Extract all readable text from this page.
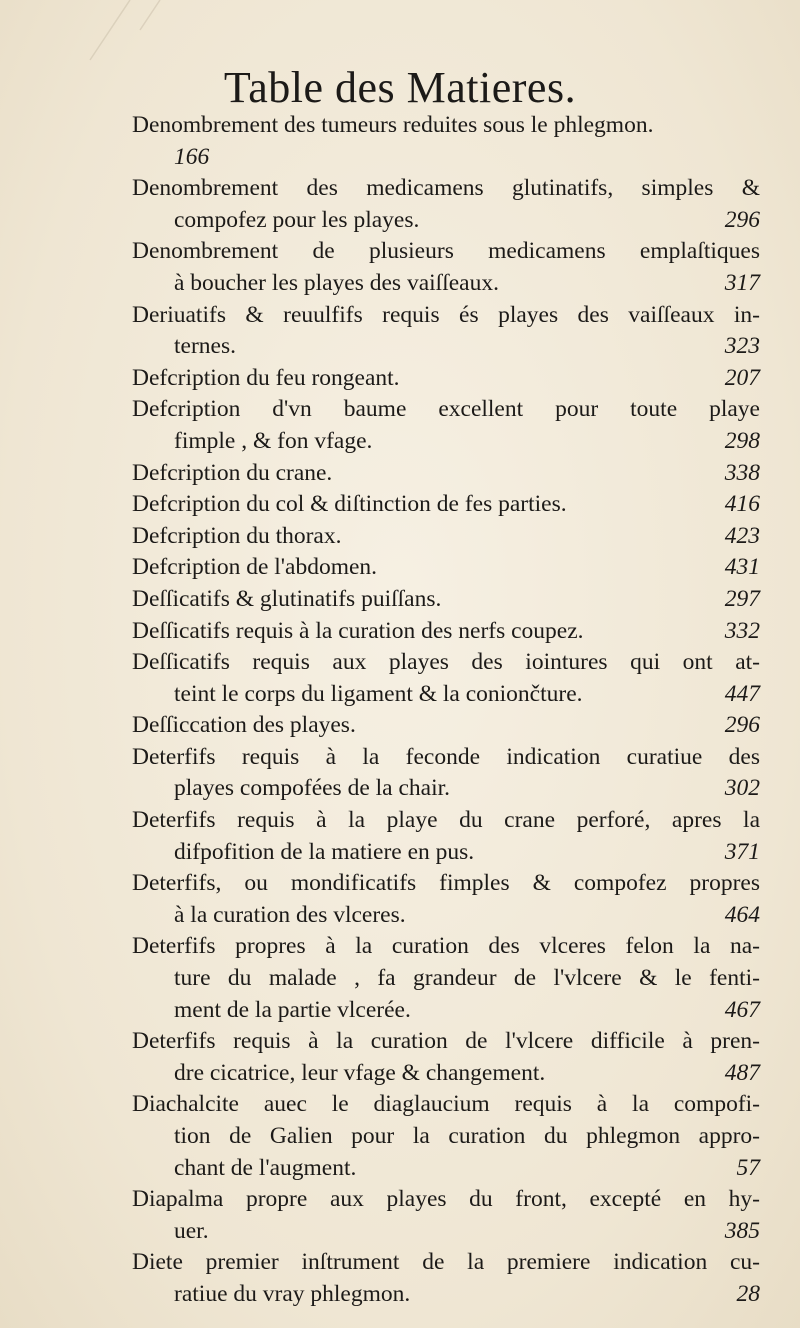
Table des Matieres.
Denombrement des tumeurs reduites sous le phlegmon.
166
Denombrement des medicamens glutinatifs, simples &
compofez pour les playes.	296
Denombrement de plusieurs medicamens emplaſtiques
à boucher les playes des vaiſſeaux.	317
Deriuatifs & reuulfifs requis és playes des vaiſſeaux in-
ternes.	323
Defcription du feu rongeant.	207
Defcription d'vn baume excellent pour toute playe
fimple , & fon vfage.	298
Defcription du crane.	338
Defcription du col & diſtinction de fes parties.	416
Defcription du thorax.	423
Defcription de l'abdomen.	431
Deſſicatifs & glutinatifs puiſſans.	297
Deſſicatifs requis à la curation des nerfs coupez.	332
Deſſicatifs requis aux playes des iointures qui ont at-
teint le corps du ligament & la coniončture.	447
Deſſiccation des playes.	296
Deterfifs requis à la feconde indication curatiue des
playes compofées de la chair.	302
Deterfifs requis à la playe du crane perforé, apres la
difpofition de la matiere en pus.	371
Deterfifs, ou mondificatifs fimples & compofez propres
à la curation des vlceres.	464
Deterfifs propres à la curation des vlceres felon la na-
ture du malade , fa grandeur de l'vlcere & le fenti-
ment de la partie vlcerée.	467
Deterfifs requis à la curation de l'vlcere difficile à pren-
dre cicatrice, leur vfage & changement.	487
Diachalcite auec le diaglaucium requis à la compofi-
tion de Galien pour la curation du phlegmon appro-
chant de l'augment.	57
Diapalma propre aux playes du front, excepté en hy-
uer.	385
Diete premier inſtrument de la premiere indication cu-
ratiue du vray phlegmon.	28
